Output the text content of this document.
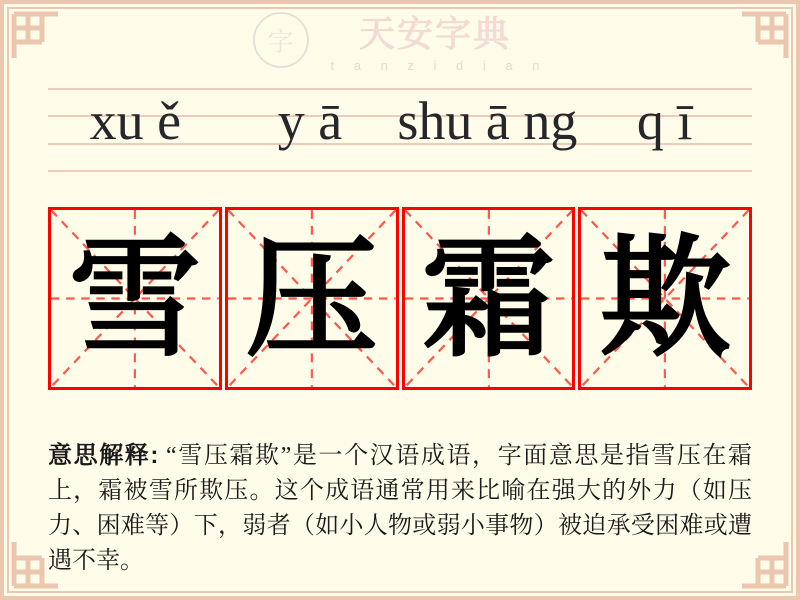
字	天安字典
t a n z i d i a n
xu ě	y ā	shu ā ng	q ī
雪 压 霜 欺
意思解释: “雪压霜欺”是一个汉语成语，字面意思是指雪压在霜上，霜被雪所欺压。这个成语通常用来比喻在强大的外力（如压力、困难等）下，弱者（如小人物或弱小事物）被迫承受困难或遭遇不幸。
